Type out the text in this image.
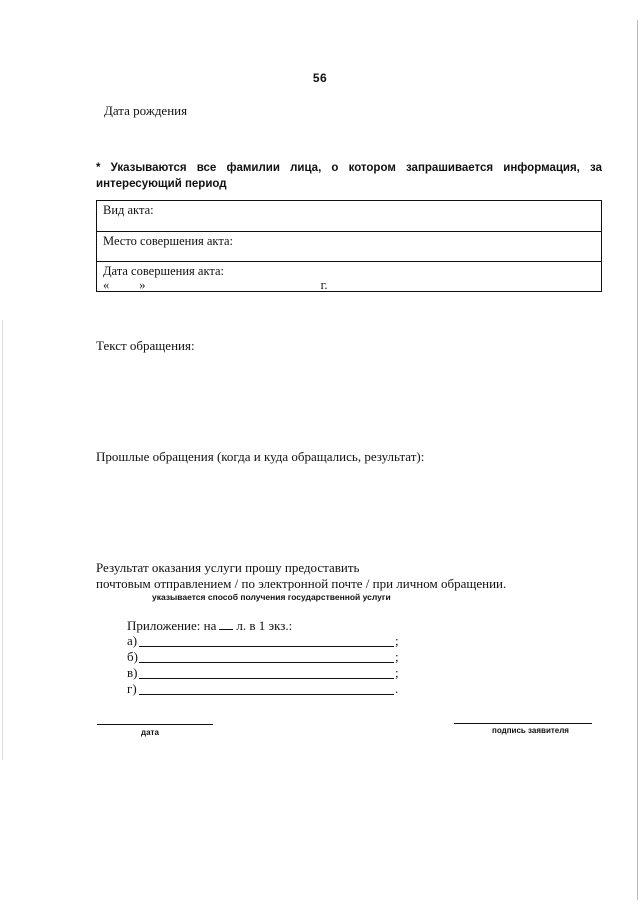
56
Дата рождения
* Указываются все фамилии лица, о котором запрашивается информация, за интересующий период
Вид акта:
Место совершения акта:
Дата совершения акта:
« »	г.
Текст обращения:
Прошлые обращения (когда и куда обращались, результат):
Результат оказания услуги прошу предоставить
почтовым отправлением / по электронной почте / при личном обращении.
указывается способ получения государственной услуги
Приложение: на л. в 1 экз.:
а)	;
б)	;
в)	;
г)	.
дата	подпись заявителя
